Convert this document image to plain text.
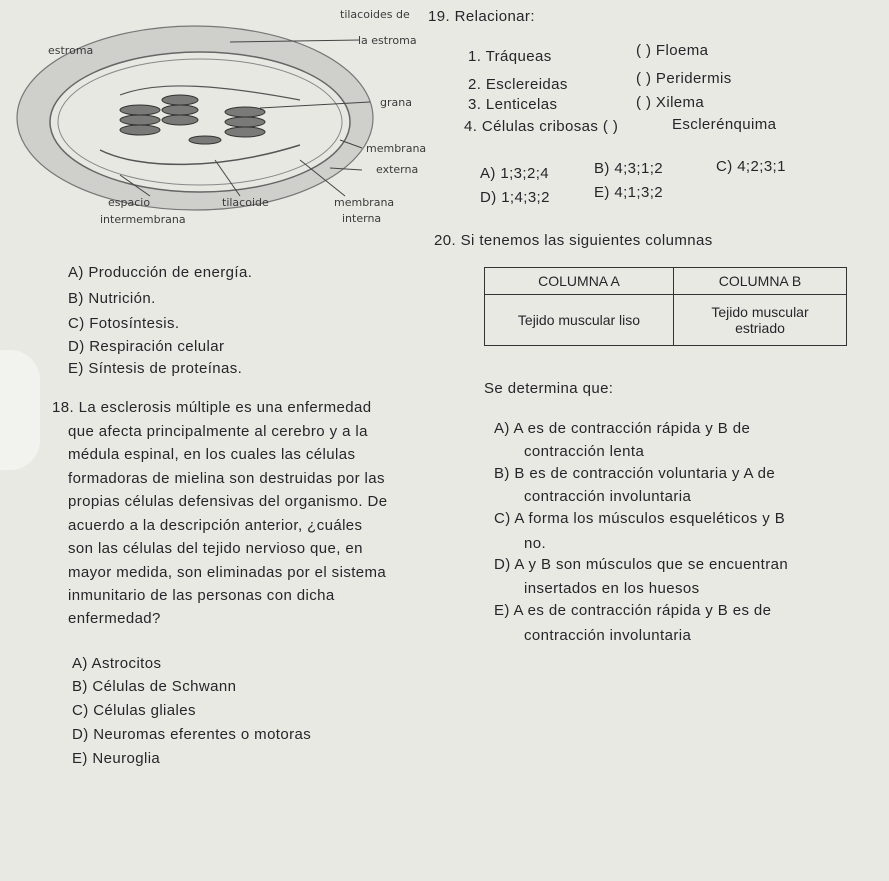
tilacoides de
estroma
la estroma
grana
membrana
externa
espacio
intermembrana
tilacoide	membrana
interna
A) Producción de energía.
B) Nutrición.
C) Fotosíntesis.
D) Respiración celular
E) Síntesis de proteínas.
18. La esclerosis múltiple es una enfermedad
que afecta principalmente al cerebro y a la
médula espinal, en los cuales las células
formadoras de mielina son destruidas por las
propias células defensivas del organismo. De
acuerdo a la descripción anterior, ¿cuáles
son las células del tejido nervioso que, en
mayor medida, son eliminadas por el sistema
inmunitario de las personas con dicha
enfermedad?
A) Astrocitos
B) Células de Schwann
C) Células gliales
D) Neuromas eferentes o motoras
E) Neuroglia
19. Relacionar:
1. Tráqueas
2. Esclereidas
3. Lenticelas
4. Células cribosas ( )
( ) Floema
( ) Peridermis
( ) Xilema
Esclerénquima
A) 1;3;2;4	B) 4;3;1;2	C) 4;2;3;1
D) 1;4;3;2	E) 4;1;3;2
20. Si tenemos las siguientes columnas
COLUMNA A	COLUMNA B
Tejido muscular liso	Tejido muscular
estriado
Se determina que:
A) A es de contracción rápida y B de
contracción lenta
B) B es de contracción voluntaria y A de
contracción involuntaria
C) A forma los músculos esqueléticos y B
no.
D) A y B son músculos que se encuentran
insertados en los huesos
E) A es de contracción rápida y B es de
contracción involuntaria
